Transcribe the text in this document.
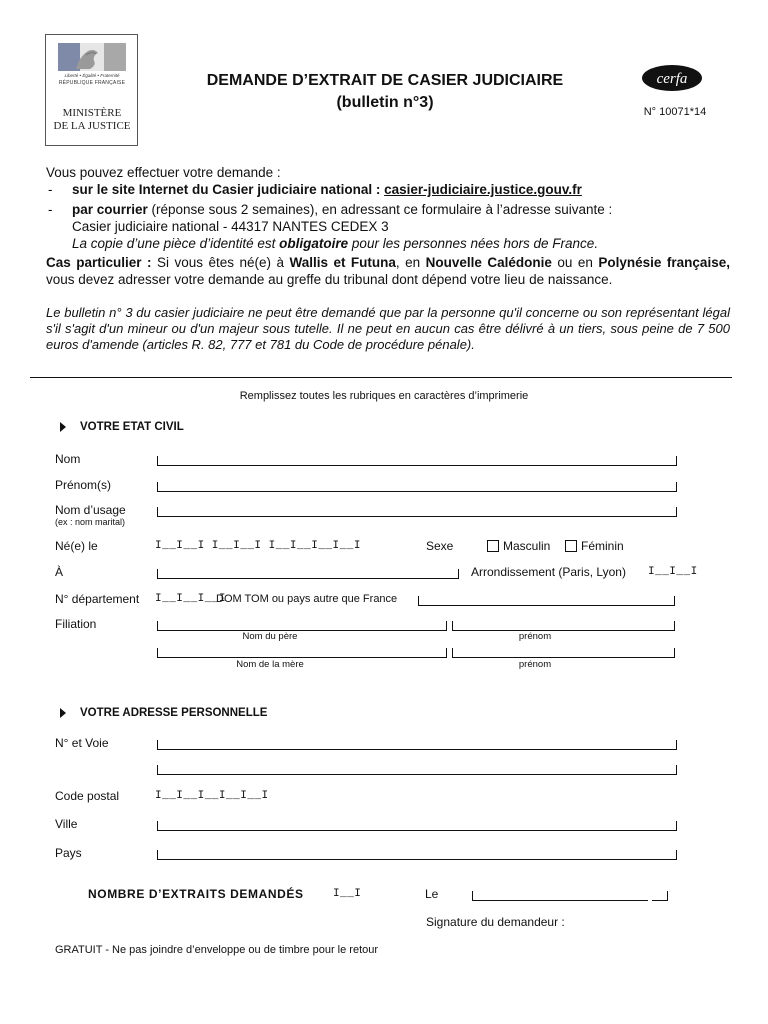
Liberté • Égalité • Fraternité
RÉPUBLIQUE FRANÇAISE
MINISTÈRE
DE LA JUSTICE
DEMANDE D’EXTRAIT DE CASIER JUDICIAIRE
(bulletin n°3)
cerfa
N° 10071*14

Vous pouvez effectuer votre demande :

-	sur le site Internet du Casier judiciaire national : casier-judiciaire.justice.gouv.fr
-	par courrier (réponse sous 2 semaines), en adressant ce formulaire à l’adresse suivante :
Casier judiciaire national - 44317 NANTES CEDEX 3
La copie d’une pièce d’identité est obligatoire pour les personnes nées hors de France.

Cas particulier : Si vous êtes né(e) à Wallis et Futuna, en Nouvelle Calédonie ou en Polynésie française, vous devez adresser votre demande au greffe du tribunal dont dépend votre lieu de naissance.

Le bulletin n° 3 du casier judiciaire ne peut être demandé que par la personne qu'il concerne ou son représentant légal s'il s'agit d'un mineur ou d'un majeur sous tutelle. Il ne peut en aucun cas être délivré à un tiers, sous peine de 7 500 euros d'amende (articles R. 82, 777 et 781 du Code de procédure pénale).

Remplissez toutes les rubriques en caractères d’imprimerie
VOTRE ETAT CIVIL
Nom
Prénom(s)
Nom d’usage
(ex : nom marital)
Né(e) le	I__I__I I__I__I I__I__I__I__I	Sexe	Masculin	Féminin
À	Arrondissement (Paris, Lyon) I__I__I
N° département I__I__I__I
DOM TOM ou pays autre que France
Filiation
Nom du père	prénom
Nom de la mère	prénom
VOTRE ADRESSE PERSONNELLE
N° et Voie
Code postal	I__I__I__I__I__I
Ville
Pays
NOMBRE D’EXTRAITS DEMANDÉS	I__I	Le
Signature du demandeur :
GRATUIT - Ne pas joindre d’enveloppe ou de timbre pour le retour
